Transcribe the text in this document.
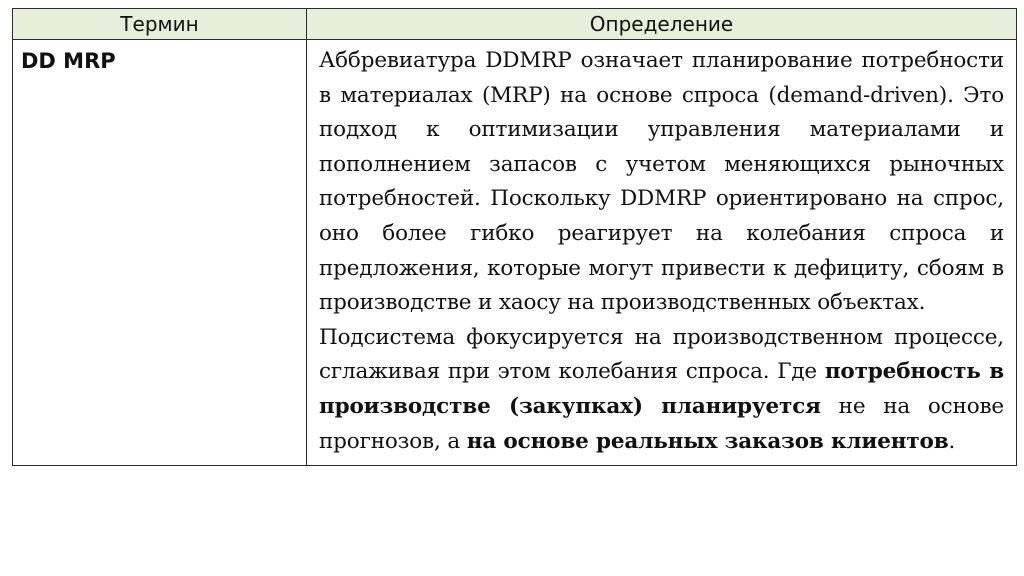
Термин	Определение
DD MRP	Аббревиатура DDMRP означает планирование потребности в материалах (MRP) на основе спроса (demand-driven). Это подход к оптимизации управления материалами и пополнением запасов с учетом меняющихся рыночных потребностей. Поскольку DDMRP ориентировано на спрос, оно более гибко реагирует на колебания спроса и предложения, которые могут привести к дефициту, сбоям в производстве и хаосу на производственных объектах.

Подсистема фокусируется на производственном процессе, сглаживая при этом колебания спроса. Где потребность в производстве (закупках) планируется не на основе прогнозов, а на основе реальных заказов клиентов.
